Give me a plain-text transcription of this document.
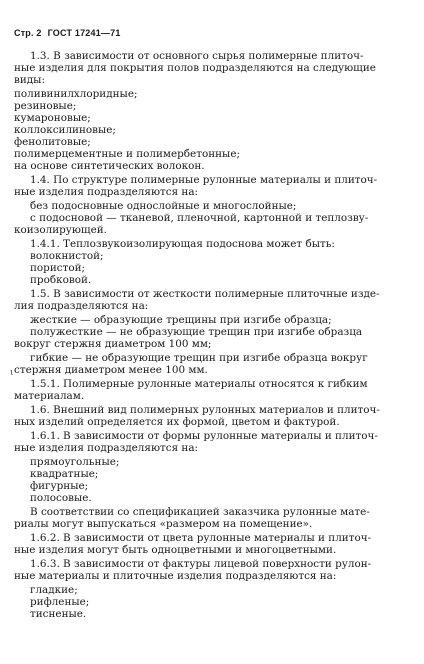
Стр. 2 ГОСТ 17241—71
1.3. В зависимости от основного сырья полимерные плиточ-
ные изделия для покрытия полов подразделяются на следующие
виды:
поливинилхлоридные;
резиновые;
кумароновые;
коллоксилиновые;
фенолитовые;
полимерцементные и полимербетонные;
на основе синтетических волокон.
1.4. По структуре полимерные рулонные материалы и плиточ-
ные изделия подразделяются на:
без подосновные однослойные и многослойные;
с подосновой — тканевой, пленочной, картонной и теплозву-
коизолирующей.
1.4.1. Теплозвукоизолирующая подоснова может быть:
волокнистой;
пористой;
пробковой.
1.5. В зависимости от жесткости полимерные плиточные изде-
лия подразделяются на:
жесткие — образующие трещины при изгибе образца;
полужесткие — не образующие трещин при изгибе образца
вокруг стержня диаметром 100 мм;
гибкие — не образующие трещин при изгибе образца вокруг
стержня диаметром менее 100 мм.
1.5.1. Полимерные рулонные материалы относятся к гибким
материалам.
1.6. Внешний вид полимерных рулонных материалов и плиточ-
ных изделий определяется их формой, цветом и фактурой.
1.6.1. В зависимости от формы рулонные материалы и плиточ-
ные изделия подразделяются на:
прямоугольные;
квадратные;
фигурные;
полосовые.
В соответствии со спецификацией заказчика рулонные мате-
риалы могут выпускаться «размером на помещение».
1.6.2. В зависимости от цвета рулонные материалы и плиточ-
ные изделия могут быть одноцветными и многоцветными.
1.6.3. В зависимости от фактуры лицевой поверхности рулон-
ные материалы и плиточные изделия подразделяются на:
гладкие;
рифленые;
тисненые.
ι
